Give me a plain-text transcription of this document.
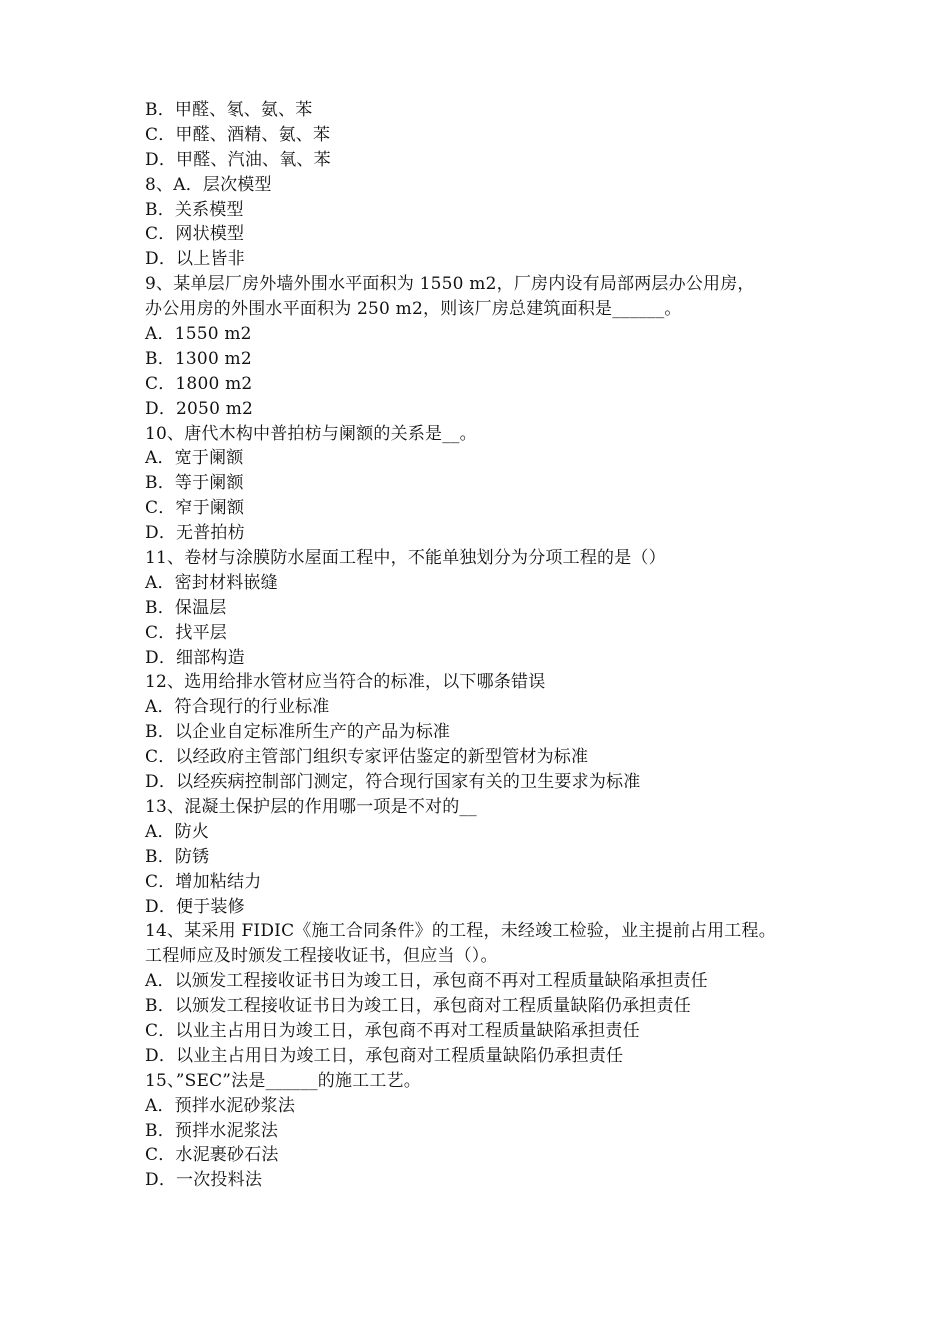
B．甲醛、氡、氨、苯
C．甲醛、酒精、氨、苯
D．甲醛、汽油、氧、苯
8、A．层次模型
B．关系模型
C．网状模型
D．以上皆非
9、某单层厂房外墙外围水平面积为 1550 m2，厂房内设有局部两层办公用房，
办公用房的外围水平面积为 250 m2，则该厂房总建筑面积是______。
A．1550 m2
B．1300 m2
C．1800 m2
D．2050 m2
10、唐代木构中普拍枋与阑额的关系是__。
A．宽于阑额
B．等于阑额
C．窄于阑额
D．无普拍枋
11、卷材与涂膜防水屋面工程中，不能单独划分为分项工程的是（）
A．密封材料嵌缝
B．保温层
C．找平层
D．细部构造
12、选用给排水管材应当符合的标准，以下哪条错误
A．符合现行的行业标准
B．以企业自定标准所生产的产品为标准
C．以经政府主管部门组织专家评估鉴定的新型管材为标准
D．以经疾病控制部门测定，符合现行国家有关的卫生要求为标准
13、混凝土保护层的作用哪一项是不对的__
A．防火
B．防锈
C．增加粘结力
D．便于装修
14、某采用 FIDIC《施工合同条件》的工程，未经竣工检验，业主提前占用工程。
工程师应及时颁发工程接收证书，但应当（）。
A．以颁发工程接收证书日为竣工日，承包商不再对工程质量缺陷承担责任
B．以颁发工程接收证书日为竣工日，承包商对工程质量缺陷仍承担责任
C．以业主占用日为竣工日，承包商不再对工程质量缺陷承担责任
D．以业主占用日为竣工日，承包商对工程质量缺陷仍承担责任
15、”SEC”法是______的施工工艺。
A．预拌水泥砂浆法
B．预拌水泥浆法
C．水泥裹砂石法
D．一次投料法
